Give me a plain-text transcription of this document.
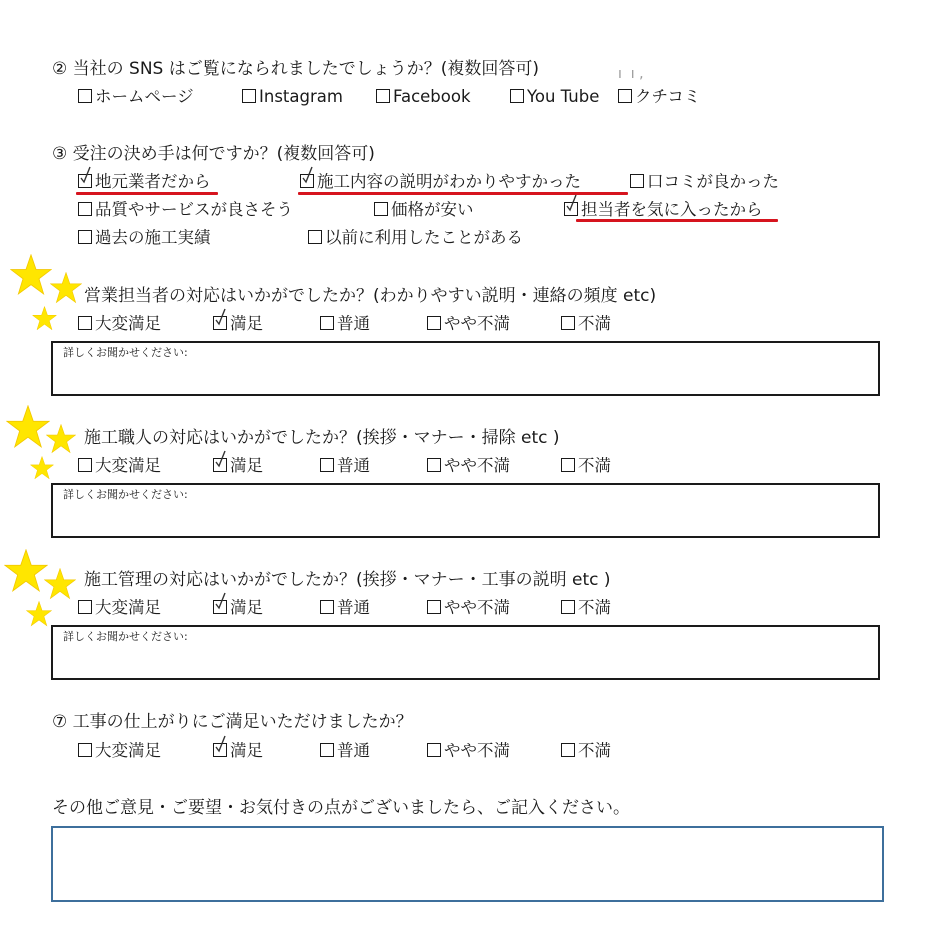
② 当社の SNS はご覧になられましたでしょうか？(複数回答可)
ホームページ	Instagram	Facebook	You Tube	クチコミ
ı  ı ,
③ 受注の決め手は何ですか？(複数回答可)
地元業者だから	施工内容の説明がわかりやすかった	口コミが良かった
品質やサービスが良さそう	価格が安い	担当者を気に入ったから
過去の施工実績	以前に利用したことがある
営業担当者の対応はいかがでしたか？(わかりやすい説明・連絡の頻度 etc)
大変満足	満足	普通	やや不満	不満
詳しくお聞かせください:
施工職人の対応はいかがでしたか？(挨拶・マナー・掃除 etc )
大変満足	満足	普通	やや不満	不満
詳しくお聞かせください:
施工管理の対応はいかがでしたか？(挨拶・マナー・工事の説明 etc )
大変満足	満足	普通	やや不満	不満
詳しくお聞かせください:
⑦ 工事の仕上がりにご満足いただけましたか？
大変満足	満足	普通	やや不満	不満
その他ご意見・ご要望・お気付きの点がございましたら、ご記入ください。
